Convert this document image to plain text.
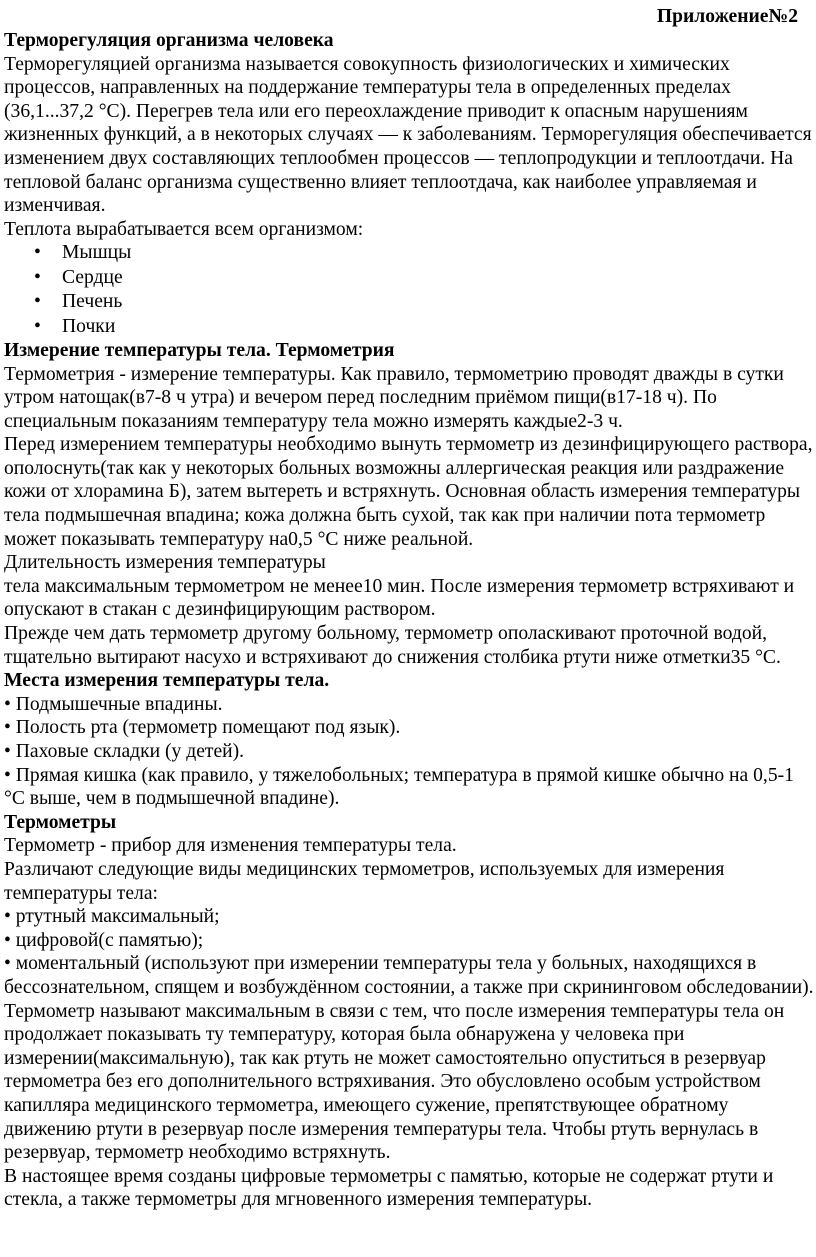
Приложение№2
Терморегуляция организма человека

Терморегуляцией организма называется совокупность физиологических и химических процессов, направленных на поддержание температуры тела в определенных пределах (36,1...37,2 °С). Перегрев тела или его переохлаждение приводит к опасным нарушениям жизненных функций, а в некоторых случаях — к заболеваниям. Терморегуляция обеспечивается изменением двух составляющих теплообмен процессов — теплопродукции и теплоотдачи. На тепловой баланс организма существенно влияет теплоотдача, как наиболее управляемая и изменчивая.

Теплота вырабатывается всем организмом:

• Мышцы
• Сердце
• Печень
• Почки
Измерение температуры тела. Термометрия

Термометрия - измерение температуры. Как правило, термометрию проводят дважды в сутки утром натощак(в7-8 ч утра) и вечером перед последним приёмом пищи(в17-18 ч). По специальным показаниям температуру тела можно измерять каждые2-3 ч.

Перед измерением температуры необходимо вынуть термометр из дезинфицирующего раствора, ополоснуть(так как у некоторых больных возможны аллергическая реакция или раздражение кожи от хлорамина Б), затем вытереть и встряхнуть. Основная область измерения температуры тела подмышечная впадина; кожа должна быть сухой, так как при наличии пота термометр может показывать температуру на0,5 °С ниже реальной.

Длительность измерения температуры

тела максимальным термометром не менее10 мин. После измерения термометр встряхивают и опускают в стакан с дезинфицирующим раствором.

Прежде чем дать термометр другому больному, термометр ополаскивают проточной водой, тщательно вытирают насухо и встряхивают до снижения столбика ртути ниже отметки35 °С.

Места измерения температуры тела.

• Подмышечные впадины.

• Полость рта (термометр помещают под язык).

• Паховые складки (у детей).

• Прямая кишка (как правило, у тяжелобольных; температура в прямой кишке обычно на 0,5-1 °С выше, чем в подмышечной впадине).

Термометры

Термометр - прибор для изменения температуры тела.

Различают следующие виды медицинских термометров, используемых для измерения температуры тела:

• ртутный максимальный;

• цифровой(с памятью);

• моментальный (используют при измерении температуры тела у больных, находящихся в бессознательном, спящем и возбуждённом состоянии, а также при скрининговом обследовании). Термометр называют максимальным в связи с тем, что после измерения температуры тела он продолжает показывать ту температуру, которая была обнаружена у человека при измерении(максимальную), так как ртуть не может самостоятельно опуститься в резервуар термометра без его дополнительного встряхивания. Это обусловлено особым устройством капилляра медицинского термометра, имеющего сужение, препятствующее обратному движению ртути в резервуар после измерения температуры тела. Чтобы ртуть вернулась в резервуар, термометр необходимо встряхнуть.

В настоящее время созданы цифровые термометры с памятью, которые не содержат ртути и стекла, а также термометры для мгновенного измерения температуры.
